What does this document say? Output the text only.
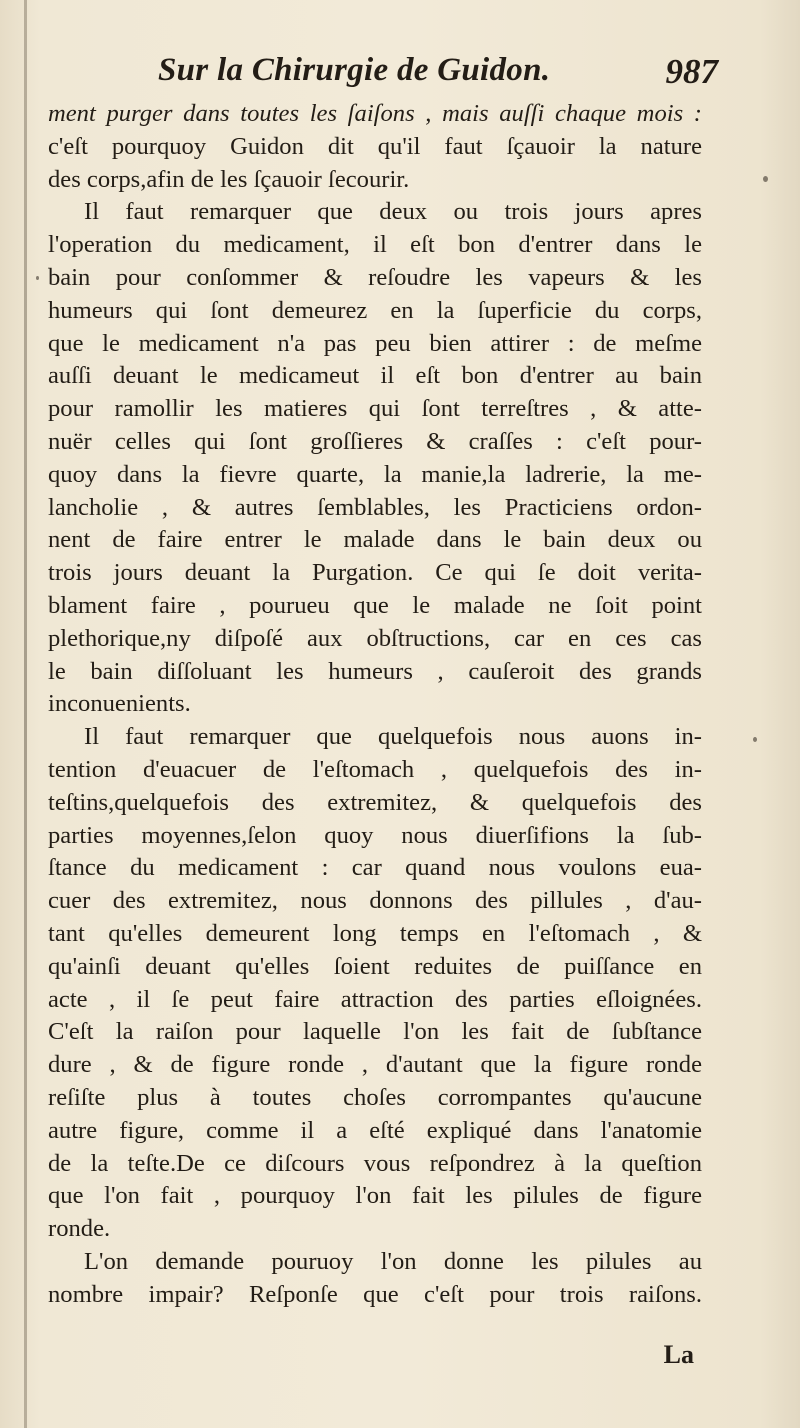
Sur la Chirurgie de Guidon.	987
ment purger dans toutes les ſaiſons , mais auſſi chaque mois :
c'eſt pourquoy Guidon dit qu'il faut ſçauoir la nature
des corps,afin de les ſçauoir ſecourir.
Il faut remarquer que deux ou trois jours apres
l'operation du medicament, il eſt bon d'entrer dans le
bain pour conſommer & reſoudre les vapeurs & les
humeurs qui ſont demeurez en la ſuperficie du corps,
que le medicament n'a pas peu bien attirer : de meſme
auſſi deuant le medicameut il eſt bon d'entrer au bain
pour ramollir les matieres qui ſont terreſtres , & atte-
nuër celles qui ſont groſſieres & craſſes : c'eſt pour-
quoy dans la fievre quarte, la manie,la ladrerie, la me-
lancholie , & autres ſemblables, les Practiciens ordon-
nent de faire entrer le malade dans le bain deux ou
trois jours deuant la Purgation. Ce qui ſe doit verita-
blament faire , pourueu que le malade ne ſoit point
plethorique,ny diſpoſé aux obſtructions, car en ces cas
le bain diſſoluant les humeurs , cauſeroit des grands
inconuenients.
Il faut remarquer que quelquefois nous auons in-
tention d'euacuer de l'eſtomach , quelquefois des in-
teſtins,quelquefois des extremitez, & quelquefois des
parties moyennes,ſelon quoy nous diuerſifions la ſub-
ſtance du medicament : car quand nous voulons eua-
cuer des extremitez, nous donnons des pillules , d'au-
tant qu'elles demeurent long temps en l'eſtomach , &
qu'ainſi deuant qu'elles ſoient reduites de puiſſance en
acte , il ſe peut faire attraction des parties eſloignées.
C'eſt la raiſon pour laquelle l'on les fait de ſubſtance
dure , & de figure ronde , d'autant que la figure ronde
reſiſte plus à toutes choſes corrompantes qu'aucune
autre figure, comme il a eſté expliqué dans l'anatomie
de la teſte.De ce diſcours vous reſpondrez à la queſtion
que l'on fait , pourquoy l'on fait les pilules de figure
ronde.
L'on demande pouruoy l'on donne les pilules au
nombre impair? Reſponſe que c'eſt pour trois raiſons.
La
